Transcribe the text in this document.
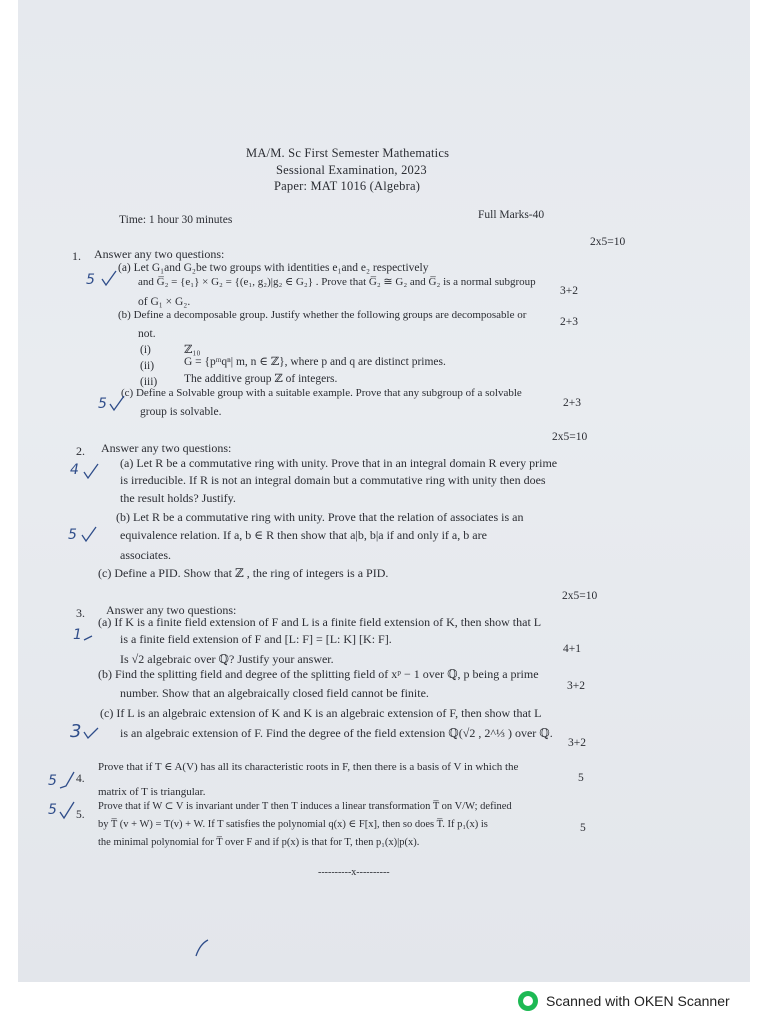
MA/M. Sc First Semester Mathematics
Sessional Examination, 2023
Paper: MAT 1016 (Algebra)
Time: 1 hour 30 minutes	Full Marks-40
2x5=10
1. Answer any two questions:
(a) Let G₁and G₂be two groups with identities e₁and e₂ respectively
and G̅₂ = {e₁} × G₂ = {(e₁, g₂)|g₂ ∈ G₂} . Prove that G̅₂ ≅ G₂ and G̅₂ is a normal subgroup
of G₁ × G₂.
3+2
(b) Define a decomposable group. Justify whether the following groups are decomposable or
not.
2+3
(i)	ℤ₁₀
(ii)	G = {pᵐqⁿ| m, n ∈ ℤ}, where p and q are distinct primes.
(iii) The additive group ℤ of integers.
(c) Define a Solvable group with a suitable example. Prove that any subgroup of a solvable
group is solvable.
2+3
2x5=10
2. Answer any two questions:
(a) Let R be a commutative ring with unity. Prove that in an integral domain R every prime
is irreducible. If R is not an integral domain but a commutative ring with unity then does
the result holds? Justify.
(b) Let R be a commutative ring with unity. Prove that the relation of associates is an
equivalence relation. If a, b ∈ R then show that a|b, b|a if and only if a, b are
associates.
(c) Define a PID. Show that ℤ , the ring of integers is a PID.
2x5=10
3. Answer any two questions:
(a) If K is a finite field extension of F and L is a finite field extension of K, then show that L
is a finite field extension of F and [L: F] = [L: K] [K: F].
Is √2 algebraic over ℚ? Justify your answer.
4+1
(b) Find the splitting field and degree of the splitting field of xᵖ − 1 over ℚ, p being a prime
number. Show that an algebraically closed field cannot be finite.	3+2
(c) If L is an algebraic extension of K and K is an algebraic extension of F, then show that L
is an algebraic extension of F. Find the degree of the field extension ℚ(√2 , 2^⅓ ) over ℚ.
3+2
4.
Prove that if T ∈ A(V) has all its characteristic roots in F, then there is a basis of V in which the
matrix of T is triangular.
5
5.
Prove that if W ⊂ V is invariant under T then T induces a linear transformation T̅ on V/W; defined
by T̅ (v + W) = T(v) + W. If T satisfies the polynomial q(x) ∈ F[x], then so does T̅. If p₁(x) is
the minimal polynomial for T̅ over F and if p(x) is that for T, then p₁(x)|p(x).
5
----------x----------
5
5
4
5
1
3
5
5
Scanned with OKEN Scanner
